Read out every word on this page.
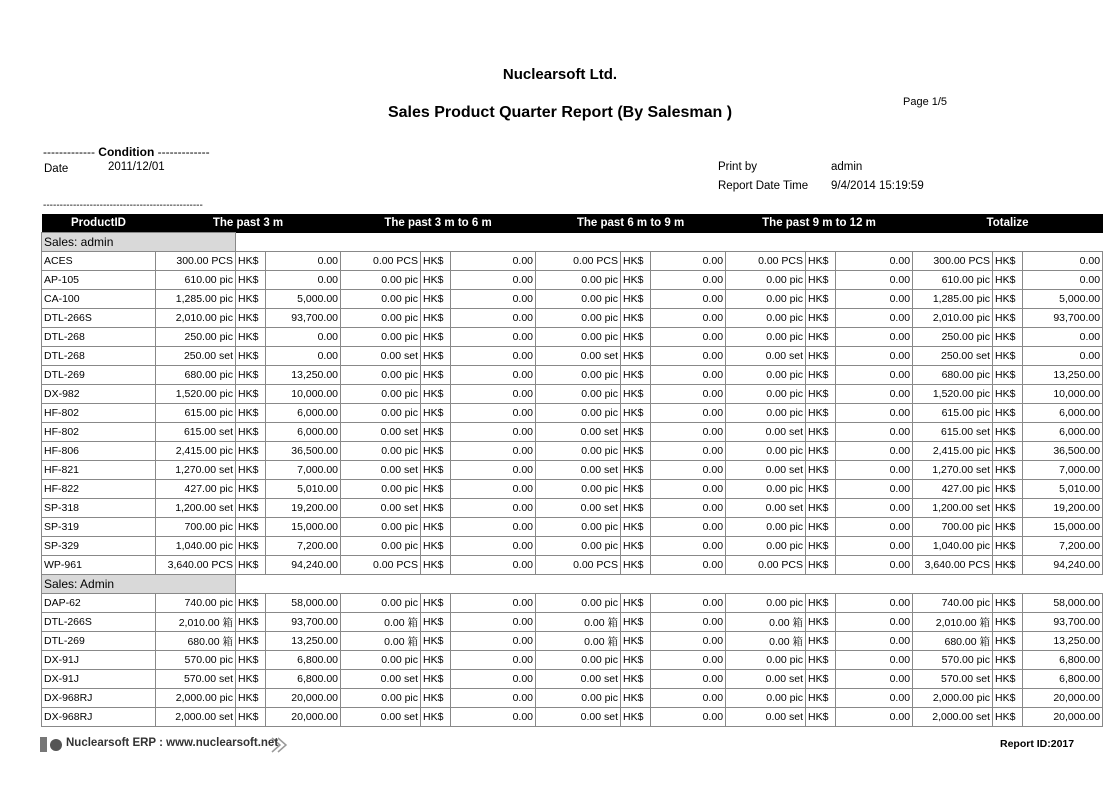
Nuclearsoft Ltd.
Sales Product Quarter Report (By Salesman )
Page 1/5
------------- Condition -------------
Date	2011/12/01	Print by	admin
Report Date Time 9/4/2014 15:19:59
------------------------------------------------
ProductID	The past 3 m			The past 3 m to 6 m			The past 6 m to 9 m			The past 9 m to 12 m			Totalize		
Sales: admin															
ACES	300.00 PCS	HK$	0.00	0.00 PCS	HK$	0.00	0.00 PCS	HK$	0.00	0.00 PCS	HK$	0.00	300.00 PCS	HK$	0.00
AP-105	610.00 pic	HK$	0.00	0.00 pic	HK$	0.00	0.00 pic	HK$	0.00	0.00 pic	HK$	0.00	610.00 pic	HK$	0.00
CA-100	1,285.00 pic	HK$	5,000.00	0.00 pic	HK$	0.00	0.00 pic	HK$	0.00	0.00 pic	HK$	0.00	1,285.00 pic	HK$	5,000.00
DTL-266S	2,010.00 pic	HK$	93,700.00	0.00 pic	HK$	0.00	0.00 pic	HK$	0.00	0.00 pic	HK$	0.00	2,010.00 pic	HK$	93,700.00
DTL-268	250.00 pic	HK$	0.00	0.00 pic	HK$	0.00	0.00 pic	HK$	0.00	0.00 pic	HK$	0.00	250.00 pic	HK$	0.00
DTL-268	250.00 set	HK$	0.00	0.00 set	HK$	0.00	0.00 set	HK$	0.00	0.00 set	HK$	0.00	250.00 set	HK$	0.00
DTL-269	680.00 pic	HK$	13,250.00	0.00 pic	HK$	0.00	0.00 pic	HK$	0.00	0.00 pic	HK$	0.00	680.00 pic	HK$	13,250.00
DX-982	1,520.00 pic	HK$	10,000.00	0.00 pic	HK$	0.00	0.00 pic	HK$	0.00	0.00 pic	HK$	0.00	1,520.00 pic	HK$	10,000.00
HF-802	615.00 pic	HK$	6,000.00	0.00 pic	HK$	0.00	0.00 pic	HK$	0.00	0.00 pic	HK$	0.00	615.00 pic	HK$	6,000.00
HF-802	615.00 set	HK$	6,000.00	0.00 set	HK$	0.00	0.00 set	HK$	0.00	0.00 set	HK$	0.00	615.00 set	HK$	6,000.00
HF-806	2,415.00 pic	HK$	36,500.00	0.00 pic	HK$	0.00	0.00 pic	HK$	0.00	0.00 pic	HK$	0.00	2,415.00 pic	HK$	36,500.00
HF-821	1,270.00 set	HK$	7,000.00	0.00 set	HK$	0.00	0.00 set	HK$	0.00	0.00 set	HK$	0.00	1,270.00 set	HK$	7,000.00
HF-822	427.00 pic	HK$	5,010.00	0.00 pic	HK$	0.00	0.00 pic	HK$	0.00	0.00 pic	HK$	0.00	427.00 pic	HK$	5,010.00
SP-318	1,200.00 set	HK$	19,200.00	0.00 set	HK$	0.00	0.00 set	HK$	0.00	0.00 set	HK$	0.00	1,200.00 set	HK$	19,200.00
SP-319	700.00 pic	HK$	15,000.00	0.00 pic	HK$	0.00	0.00 pic	HK$	0.00	0.00 pic	HK$	0.00	700.00 pic	HK$	15,000.00
SP-329	1,040.00 pic	HK$	7,200.00	0.00 pic	HK$	0.00	0.00 pic	HK$	0.00	0.00 pic	HK$	0.00	1,040.00 pic	HK$	7,200.00
WP-961	3,640.00 PCS	HK$	94,240.00	0.00 PCS	HK$	0.00	0.00 PCS	HK$	0.00	0.00 PCS	HK$	0.00	3,640.00 PCS	HK$	94,240.00
Sales: Admin															
DAP-62	740.00 pic	HK$	58,000.00	0.00 pic	HK$	0.00	0.00 pic	HK$	0.00	0.00 pic	HK$	0.00	740.00 pic	HK$	58,000.00
DTL-266S	2,010.00 箱	HK$	93,700.00	0.00 箱	HK$	0.00	0.00 箱	HK$	0.00	0.00 箱	HK$	0.00	2,010.00 箱	HK$	93,700.00
DTL-269	680.00 箱	HK$	13,250.00	0.00 箱	HK$	0.00	0.00 箱	HK$	0.00	0.00 箱	HK$	0.00	680.00 箱	HK$	13,250.00
DX-91J	570.00 pic	HK$	6,800.00	0.00 pic	HK$	0.00	0.00 pic	HK$	0.00	0.00 pic	HK$	0.00	570.00 pic	HK$	6,800.00
DX-91J	570.00 set	HK$	6,800.00	0.00 set	HK$	0.00	0.00 set	HK$	0.00	0.00 set	HK$	0.00	570.00 set	HK$	6,800.00
DX-968RJ	2,000.00 pic	HK$	20,000.00	0.00 pic	HK$	0.00	0.00 pic	HK$	0.00	0.00 pic	HK$	0.00	2,000.00 pic	HK$	20,000.00
DX-968RJ	2,000.00 set	HK$	20,000.00	0.00 set	HK$	0.00	0.00 set	HK$	0.00	0.00 set	HK$	0.00	2,000.00 set	HK$	20,000.00
Nuclearsoft ERP : www.nuclearsoft.net	Report ID:2017
